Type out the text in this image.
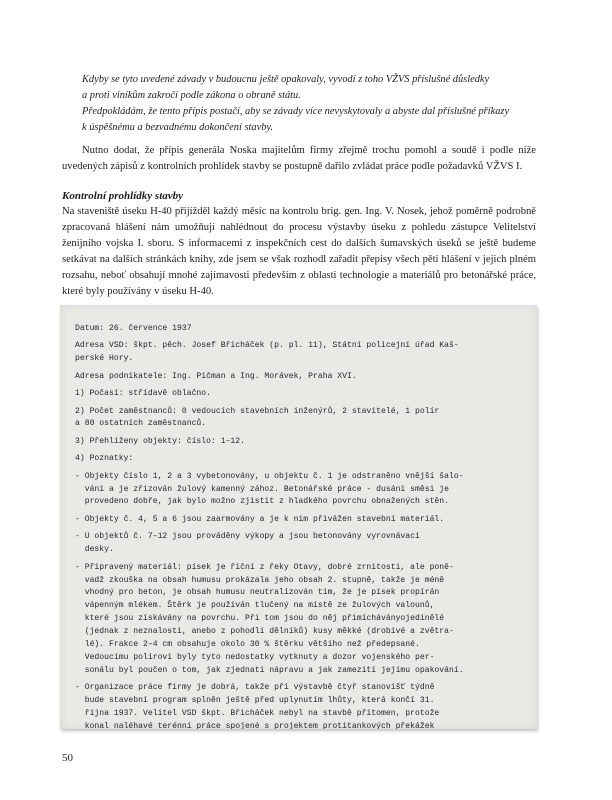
Kdyby se tyto uvedené závady v budoucnu ještě opakovaly, vyvodí z toho VŽVS příslušné důsledky

a proti viníkům zakročí podle zákona o obraně státu.

Předpokládám, že tento přípis postačí, aby se závady více nevyskytovaly a abyste dal příslušné příkazy

k úspěšnému a bezvadnému dokončení stavby.

Nutno dodat, že přípis generála Noska majitelům firmy zřejmě trochu pomohl a soudě i podle níže uvedených zápisů z kontrolních prohlídek stavby se postupně dařilo zvládat práce podle požadavků VŽVS I.

Kontrolní prohlídky stavby

Na staveniště úseku H-40 přijížděl každý měsíc na kontrolu brig. gen. Ing. V. Nosek, jehož poměrně podrobně zpracovaná hlášení nám umožňují nahlédnout do procesu výstavby úseku z pohledu zástupce Velitelství ženijního vojska I. sboru. S informacemi z inspekčních cest do dalších šumavských úseků se ještě budeme setkávat na dalších stránkách knihy, zde jsem se však rozhodl zařadit přepisy všech pěti hlášení v jejich plném rozsahu, neboť obsahují mnohé zajímavosti především z oblasti technologie a materiálů pro betonářské práce, které byly používány v úseku H-40.

Datum: 26. července 1937
Adresa VSD: škpt. pěch. Josef Břicháček (p. pl. 11), Státní policejní úřad Kaš-
perské Hory.
Adresa podnikatele: Ing. Pičman a Ing. Morávek, Praha XVI.
1) Počasí: střídavě oblačno.
2) Počet zaměstnanců: 0 vedoucích stavebních inženýrů, 2 stavitelé, 1 polír
a 80 ostatních zaměstnanců.
3) Přehlíženy objekty: číslo: 1–12.
4) Poznatky:
- Objekty číslo 1, 2 a 3 vybetonovány, u objektu č. 1 je odstraněno vnější šalo-
vání a je zřizován žulový kamenný zához. Betonářské práce - dusání směsi je
provedeno dobře, jak bylo možno zjistit z hladkého povrchu obnažených stěn.
- Objekty č. 4, 5 a 6 jsou zaarmovány a je k nim přivážen stavební materiál.
- U objektů č. 7–12 jsou prováděny výkopy a jsou betonovány vyrovnávací
desky.
- Připravený materiál: písek je říční z řeky Otavy, dobré zrnitosti, ale poně-
vadž zkouška na obsah humusu prokázala jeho obsah 2. stupně, takže je méně
vhodný pro beton, je obsah humusu neutralizován tím, že je písek propírán
vápenným mlékem. Štěrk je používán tlučený na místě ze žulových valounů,
které jsou získávány na povrchu. Při tom jsou do něj přimícháványojedinělé
(jednak z neznalosti, anebo z pohodlí dělníků) kusy měkké (drobivé a zvětra-
lé). Frakce 2–4 cm obsahuje okolo 30 % štěrku většího než předepsané.
Vedoucímu polírovi byly tyto nedostatky vytknuty a dozor vojenského per-
sonálu byl poučen o tom, jak zjednati nápravu a jak zamezití jejímu opakování.
- Organizace práce firmy je dobrá, takže při výstavbě čtyř stanovišť týdně
bude stavební program splněn ještě před uplynutím lhůty, která končí 31.
října 1937. Velitel VSD škpt. Břicháček nebyl na stavbě přítomen, protože
konal naléhavé terénní práce spojené s projektem protitankových překážek
50
